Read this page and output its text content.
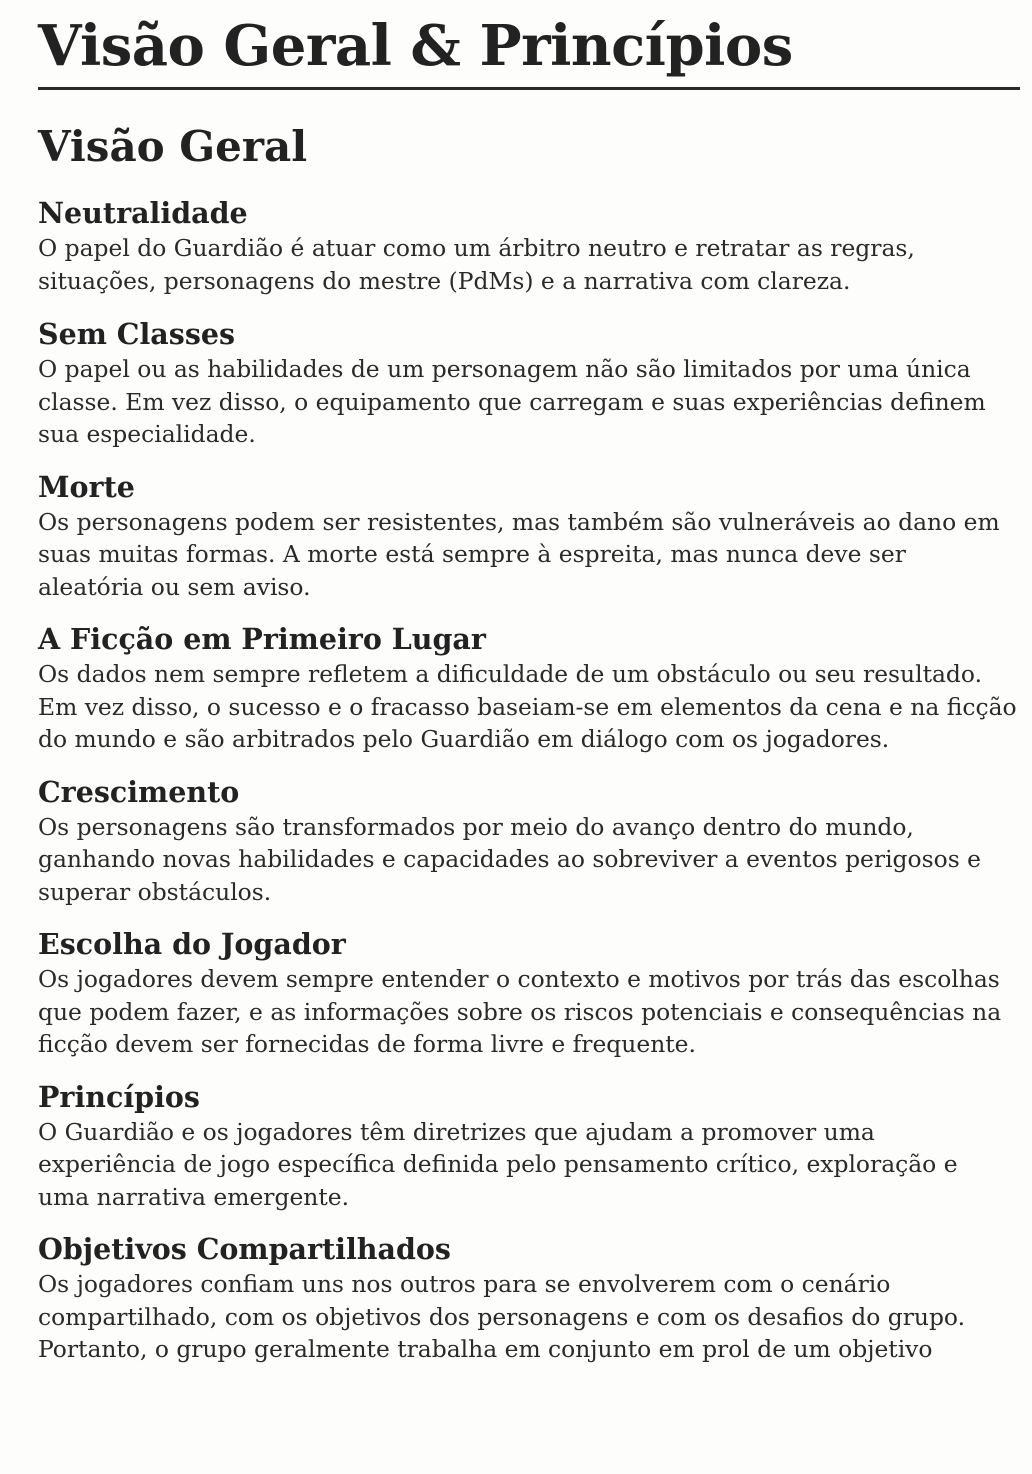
Visão Geral & Princípios
Visão Geral
Neutralidade

O papel do Guardião é atuar como um árbitro neutro e retratar as regras,
situações, personagens do mestre (PdMs) e a narrativa com clareza.

Sem Classes

O papel ou as habilidades de um personagem não são limitados por uma única
classe. Em vez disso, o equipamento que carregam e suas experiências definem
sua especialidade.

Morte

Os personagens podem ser resistentes, mas também são vulneráveis ao dano em
suas muitas formas. A morte está sempre à espreita, mas nunca deve ser
aleatória ou sem aviso.

A Ficção em Primeiro Lugar

Os dados nem sempre refletem a dificuldade de um obstáculo ou seu resultado.
Em vez disso, o sucesso e o fracasso baseiam-se em elementos da cena e na ficção
do mundo e são arbitrados pelo Guardião em diálogo com os jogadores.

Crescimento

Os personagens são transformados por meio do avanço dentro do mundo,
ganhando novas habilidades e capacidades ao sobreviver a eventos perigosos e
superar obstáculos.

Escolha do Jogador

Os jogadores devem sempre entender o contexto e motivos por trás das escolhas
que podem fazer, e as informações sobre os riscos potenciais e consequências na
ficção devem ser fornecidas de forma livre e frequente.

Princípios

O Guardião e os jogadores têm diretrizes que ajudam a promover uma
experiência de jogo específica definida pelo pensamento crítico, exploração e
uma narrativa emergente.

Objetivos Compartilhados

Os jogadores confiam uns nos outros para se envolverem com o cenário
compartilhado, com os objetivos dos personagens e com os desafios do grupo.
Portanto, o grupo geralmente trabalha em conjunto em prol de um objetivo
